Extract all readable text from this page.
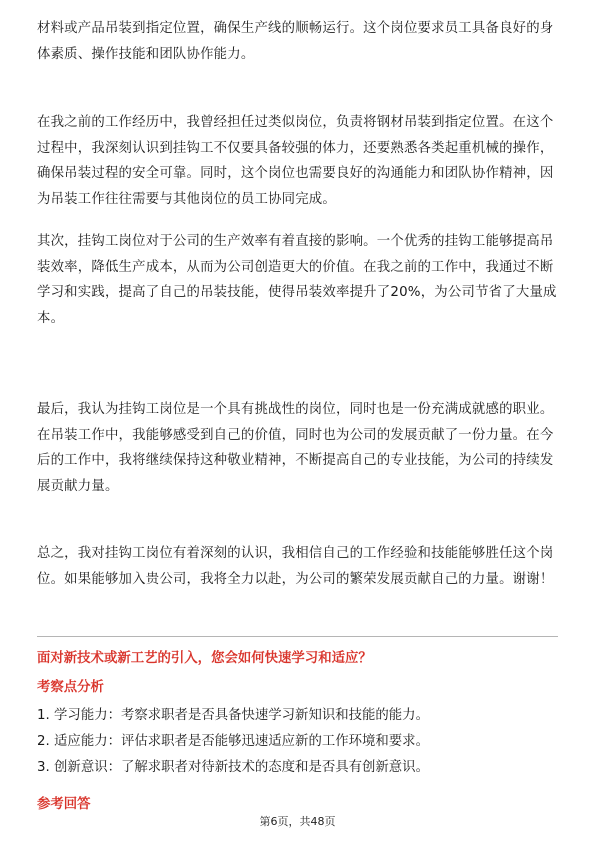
材料或产品吊装到指定位置，确保生产线的顺畅运行。这个岗位要求员工具备良好的身体素质、操作技能和团队协作能力。

在我之前的工作经历中，我曾经担任过类似岗位，负责将钢材吊装到指定位置。在这个过程中，我深刻认识到挂钩工不仅要具备较强的体力，还要熟悉各类起重机械的操作，确保吊装过程的安全可靠。同时，这个岗位也需要良好的沟通能力和团队协作精神，因为吊装工作往往需要与其他岗位的员工协同完成。

其次，挂钩工岗位对于公司的生产效率有着直接的影响。一个优秀的挂钩工能够提高吊装效率，降低生产成本，从而为公司创造更大的价值。在我之前的工作中，我通过不断学习和实践，提高了自己的吊装技能，使得吊装效率提升了20%，为公司节省了大量成本。

最后，我认为挂钩工岗位是一个具有挑战性的岗位，同时也是一份充满成就感的职业。在吊装工作中，我能够感受到自己的价值，同时也为公司的发展贡献了一份力量。在今后的工作中，我将继续保持这种敬业精神，不断提高自己的专业技能，为公司的持续发展贡献力量。

总之，我对挂钩工岗位有着深刻的认识，我相信自己的工作经验和技能能够胜任这个岗位。如果能够加入贵公司，我将全力以赴，为公司的繁荣发展贡献自己的力量。谢谢！

面对新技术或新工艺的引入，您会如何快速学习和适应？

考察点分析

1. 学习能力：考察求职者是否具备快速学习新知识和技能的能力。
2. 适应能力：评估求职者是否能够迅速适应新的工作环境和要求。
3. 创新意识：了解求职者对待新技术的态度和是否具有创新意识。

参考回答

第6页，共48页
